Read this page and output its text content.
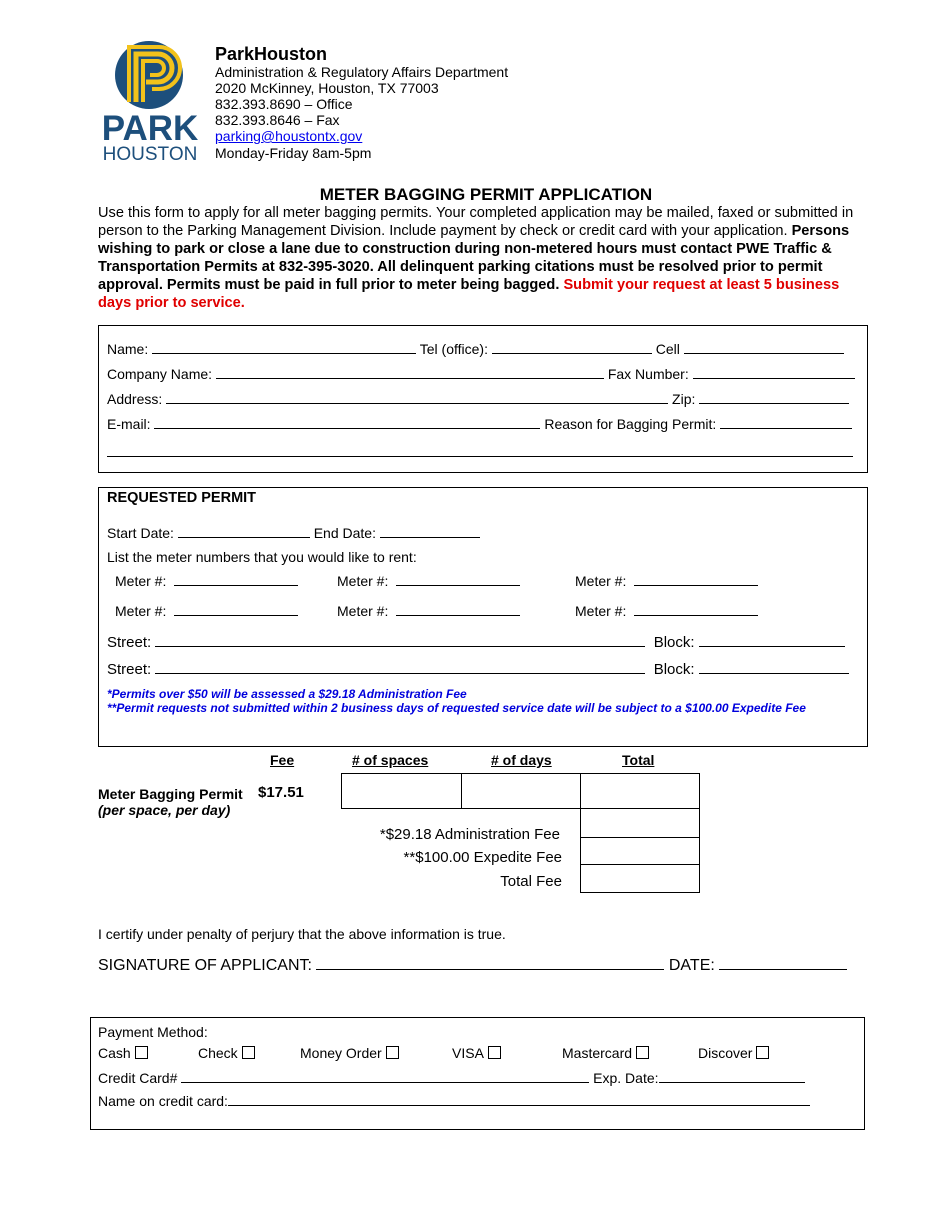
PARK
HOUSTON
ParkHouston
Administration & Regulatory Affairs Department
2020 McKinney, Houston, TX 77003
832.393.8690 – Office
832.393.8646 – Fax
parking@houstontx.gov
Monday-Friday 8am-5pm
METER BAGGING PERMIT APPLICATION
Use this form to apply for all meter bagging permits. Your completed application may be mailed, faxed or submitted in person to the Parking Management Division. Include payment by check or credit card with your application. Persons wishing to park or close a lane due to construction during non-metered hours must contact PWE Traffic & Transportation Permits at 832-395-3020. All delinquent parking citations must be resolved prior to permit approval. Permits must be paid in full prior to meter being bagged. Submit your request at least 5 business days prior to service.
Name:	Tel (office):	Cell
Company Name:	Fax Number:
Address:	Zip:
E-mail:	Reason for Bagging Permit:
REQUESTED PERMIT
Start Date:	End Date:
List the meter numbers that you would like to rent:
Meter #:	Meter #:	Meter #:
Meter #:	Meter #:	Meter #:
Street:	Block:
Street:	Block:
*Permits over $50 will be assessed a $29.18 Administration Fee
**Permit requests not submitted within 2 business days of requested service date will be subject to a $100.00 Expedite Fee
Fee	# of spaces	# of days	Total
Meter Bagging Permit
(per space, per day)
$17.51
*$29.18 Administration Fee
**$100.00 Expedite Fee
Total Fee
I certify under penalty of perjury that the above information is true.
SIGNATURE OF APPLICANT:	DATE:
Payment Method:
Cash	Check	Money Order	VISA	Mastercard	Discover
Credit Card#	Exp. Date:
Name on credit card:
